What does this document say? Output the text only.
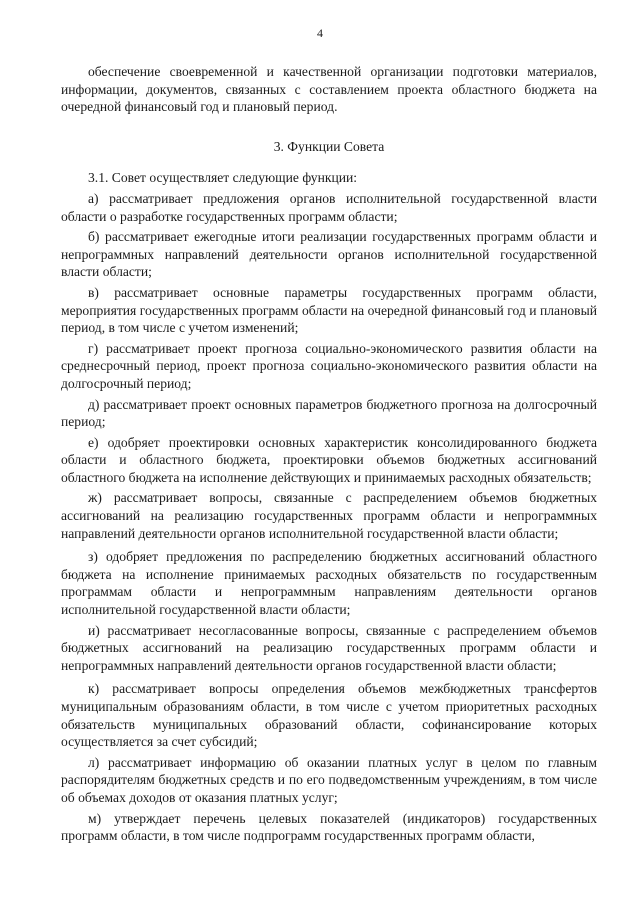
4

обеспечение своевременной и качественной организации подготовки материалов, информации, документов, связанных с составлением проекта областного бюджета на очередной финансовый год и плановый период.

3. Функции Совета

3.1. Совет осуществляет следующие функции:

а) рассматривает предложения органов исполнительной государственной власти области о разработке государственных программ области;

б) рассматривает ежегодные итоги реализации государственных программ области и непрограммных направлений деятельности органов исполнительной государственной власти области;

в) рассматривает основные параметры государственных программ области, мероприятия государственных программ области на очередной финансовый год и плановый период, в том числе с учетом изменений;

г) рассматривает проект прогноза социально-экономического развития области на среднесрочный период, проект прогноза социально-экономического развития области на долгосрочный период;

д) рассматривает проект основных параметров бюджетного прогноза на долгосрочный период;

е) одобряет проектировки основных характеристик консолидированного бюджета области и областного бюджета, проектировки объемов бюджетных ассигнований областного бюджета на исполнение действующих и принимаемых расходных обязательств;

ж) рассматривает вопросы, связанные с распределением объемов бюджетных ассигнований на реализацию государственных программ области и непрограммных направлений деятельности органов исполнительной государственной власти области;

з) одобряет предложения по распределению бюджетных ассигнований областного бюджета на исполнение принимаемых расходных обязательств по государственным программам области и непрограммным направлениям деятельности органов исполнительной государственной власти области;

и) рассматривает несогласованные вопросы, связанные с распределением объемов бюджетных ассигнований на реализацию государственных программ области и непрограммных направлений деятельности органов государственной власти области;

к) рассматривает вопросы определения объемов межбюджетных трансфертов муниципальным образованиям области, в том числе с учетом приоритетных расходных обязательств муниципальных образований области, софинансирование которых осуществляется за счет субсидий;

л) рассматривает информацию об оказании платных услуг в целом по главным распорядителям бюджетных средств и по его подведомственным учреждениям, в том числе об объемах доходов от оказания платных услуг;

м) утверждает перечень целевых показателей (индикаторов) государственных программ области, в том числе подпрограмм государственных программ области,
